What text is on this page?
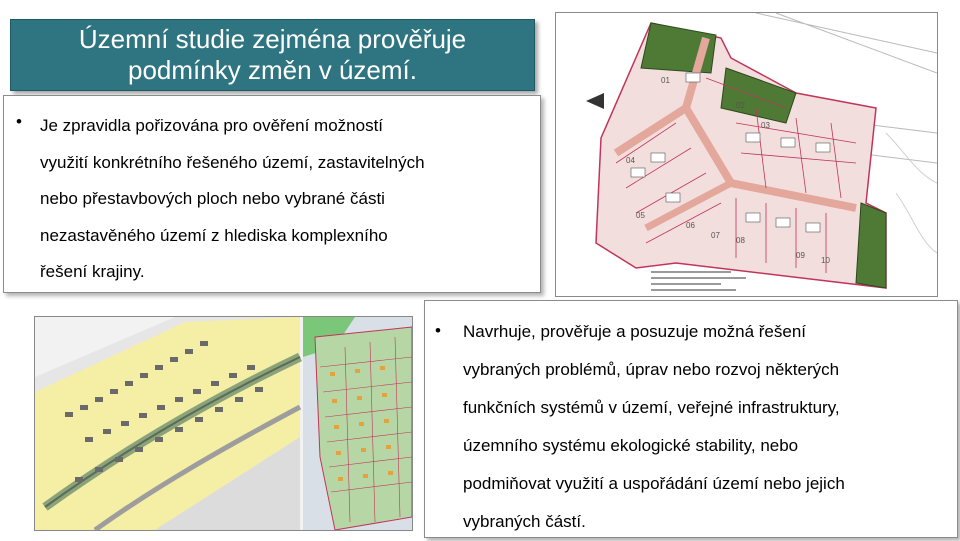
Územní studie zejména prověřuje
podmínky změn v území.
• Je zpravidla pořizována pro ověření možností
využití konkrétního řešeného území, zastavitelných
nebo přestavbových ploch nebo vybrané části
nezastavěného území z hlediska komplexního
řešení krajiny.
01
02
03
04
05
06
07
08
09
10
• Navrhuje, prověřuje a posuzuje možná řešení
vybraných problémů, úprav nebo rozvoj některých
funkčních systémů v území, veřejné infrastruktury,
územního systému ekologické stability, nebo
podmiňovat využití a uspořádání území nebo jejich
vybraných částí.
